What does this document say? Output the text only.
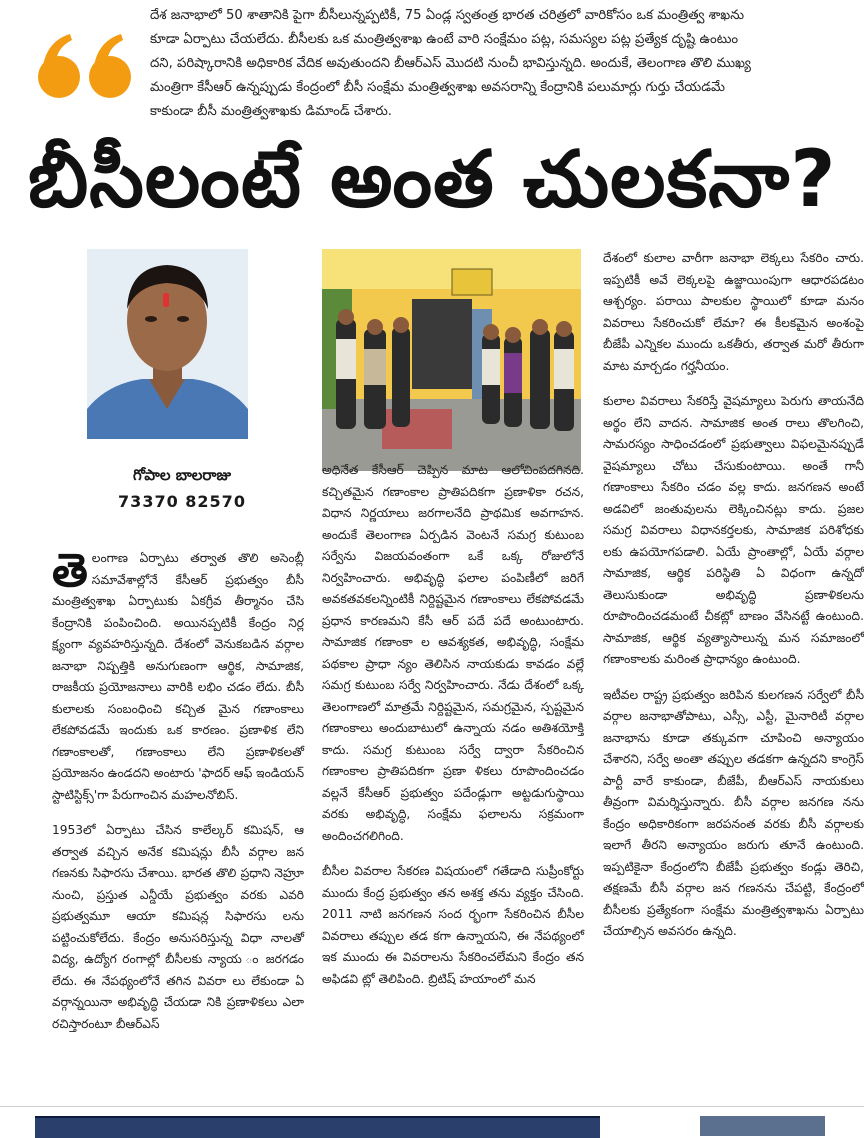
దేశ జనాభాలో 50 శాతానికి పైగా బీసీలున్నప్పటికీ, 75 ఏండ్ల స్వతంత్ర భారత చరిత్రలో వారికోసం ఒక మంత్రిత్వ శాఖను

కూడా ఏర్పాటు చేయలేదు. బీసీలకు ఒక మంత్రిత్వశాఖ ఉంటే వారి సంక్షేమం పట్ల, సమస్యల పట్ల ప్రత్యేక దృష్టి ఉంటుం

దని, పరిష్కారానికి అధికారిక వేదిక అవుతుందని బీఆర్ఎస్ మొదటి నుంచీ భావిస్తున్నది. అందుకే, తెలంగాణ తొలి ముఖ్య

మంత్రిగా కేసీఆర్ ఉన్నప్పుడు కేంద్రంలో బీసీ సంక్షేమ మంత్రిత్వశాఖ అవసరాన్ని కేంద్రానికి పలుమార్లు గుర్తు చేయడమే

కాకుండా బీసీ మంత్రిత్వశాఖకు డిమాండ్ చేశారు.

బీసీలంటే అంత చులకనా?
గోపాల బాలరాజు
73370 82570

తెలంగాణ ఏర్పాటు తర్వాత తొలి అసెంబ్లీ సమావేశాల్లోనే కేసీఆర్ ప్రభుత్వం బీసీ మంత్రిత్వశాఖ ఏర్పాటుకు ఏకగ్రీవ తీర్మానం చేసి కేంద్రానికి పంపించింది. అయినప్పటికీ కేంద్రం నిర్ల క్ష్యంగా వ్యవహరిస్తున్నది. దేశంలో వెనుకబడిన వర్గాల జనాభా నిష్పత్తికి అనుగుణంగా ఆర్థిక, సామాజిక, రాజకీయ ప్రయోజనాలు వారికి లభిం చడం లేదు. బీసీ కులాలకు సంబంధించి కచ్చిత మైన గణాంకాలు లేకపోవడమే ఇందుకు ఒక కారణం. ప్రణాళిక లేని గణాంకాలతో, గణాంకాలు లేని ప్రణాళికలతో ప్రయోజనం ఉండదని అంటారు 'ఫాదర్ ఆఫ్ ఇండియన్ స్టాటిస్టిక్స్'గా పేరుగాంచిన మహలనోబిస్.

1953లో ఏర్పాటు చేసిన కాలేల్కర్ కమిషన్, ఆ తర్వాత వచ్చిన అనేక కమిషన్లు బీసీ వర్గాల జన గణనకు సిఫారసు చేశాయి. భారత తొలి ప్రధాని నెహ్రూ నుంచి, ప్రస్తుత ఎన్డీయే ప్రభుత్వం వరకు ఎవరి ప్రభుత్వమూ ఆయా కమిషన్ల సిఫారసు లను పట్టించుకోలేదు. కేంద్రం అనుసరిస్తున్న విధా నాలతో విద్య, ఉద్యోగ రంగాల్లో బీసీలకు న్యాయ ం జరగడం లేదు. ఈ నేపథ్యంలోనే తగిన వివరా లు లేకుండా ఏ వర్గాన్నయినా అభివృద్ధి చేయడా నికి ప్రణాళికలు ఎలా రచిస్తారంటూ బీఆర్ఎస్

అధినేత కేసీఆర్ చెప్పిన మాట ఆలోచింపదగినది. కచ్చితమైన గణాంకాల ప్రాతిపదికగా ప్రణాళికా రచన, విధాన నిర్ణయాలు జరగాలనేది ప్రాథమిక అవగాహన. అందుకే తెలంగాణ ఏర్పడిన వెంటనే సమగ్ర కుటుంబ సర్వేను విజయవంతంగా ఒకే ఒక్క రోజులోనే నిర్వహించారు. అభివృద్ధి ఫలాల పంపిణీలో జరిగే అవకతవకలన్నింటికీ నిర్దిష్టమైన గణాంకాలు లేకపోవడమే ప్రధాన కారణమని కేసీ ఆర్ పదే పదే అంటుంటారు. సామాజిక గణాంకా ల ఆవశ్యకత, అభివృద్ధి, సంక్షేమ పథకాల ప్రాధా న్యం తెలిసిన నాయకుడు కావడం వల్లే సమగ్ర కుటుంబ సర్వే నిర్వహించారు. నేడు దేశంలో ఒక్క తెలంగాణలో మాత్రమే నిర్దిష్టమైన, సమగ్రమైన, స్పష్టమైన గణాంకాలు అందుబాటులో ఉన్నాయ నడం అతిశయోక్తి కాదు. సమగ్ర కుటుంబ సర్వే ద్వారా సేకరించిన గణాంకాల ప్రాతిపదికగా ప్రణా ళికలు రూపొందించడం వల్లనే కేసీఆర్ ప్రభుత్వం పదేండ్లుగా అట్టడుగుస్థాయి వరకు అభివృద్ధి, సంక్షేమ ఫలాలను సక్రమంగా అందించగలిగింది.

బీసీల వివరాల సేకరణ విషయంలో గతేడాది సుప్రీంకోర్టు ముందు కేంద్ర ప్రభుత్వం తన అశక్త తను వ్యక్తం చేసింది. 2011 నాటి జనగణన సంద ర్భంగా సేకరించిన బీసీల వివరాలు తప్పుల తడ కగా ఉన్నాయని, ఈ నేపథ్యంలో ఇక ముందు ఈ వివరాలను సేకరించలేమని కేంద్రం తన అఫిడవి ట్లో తెలిపింది. బ్రిటిష్ హయాంలో మన

దేశంలో కులాల వారీగా జనాభా లెక్కలు సేకరిం చారు. ఇప్పటికీ అవే లెక్కలపై ఉజ్జాయింపుగా ఆధారపడటం ఆశ్చర్యం. పరాయి పాలకుల స్థాయిలో కూడా మనం వివరాలు సేకరించుకో లేమా? ఈ కీలకమైన అంశంపై బీజేపీ ఎన్నికల ముందు ఒకతీరు, తర్వాత మరో తీరుగా మాట మార్చడం గర్హనీయం.

కులాల వివరాలు సేకరిస్తే వైషమ్యాలు పెరుగు తాయనేది అర్థం లేని వాదన. సామాజిక అంత రాలు తొలగించి, సామరస్యం సాధించడంలో ప్రభుత్వాలు విఫలమైనప్పుడే వైషమ్యాలు చోటు చేసుకుంటాయి. అంతే గానీ గణాంకాలు సేకరిం చడం వల్ల కాదు. జనగణన అంటే అడవిలో జంతువులను లెక్కించినట్లు కాదు. ప్రజల సమగ్ర వివరాలు విధానకర్తలకు, సామాజిక పరిశోధకు లకు ఉపయోగపడాలి. ఏయే ప్రాంతాల్లో, ఏయే వర్గాల సామాజిక, ఆర్థిక పరిస్థితి ఏ విధంగా ఉన్నదో తెలుసుకుండా అభివృద్ధి ప్రణాళికలను రూపొందించడమంటే చీకట్లో బాణం వేసినట్టే ఉంటుంది. సామాజిక, ఆర్థిక వ్యత్యాసాలున్న మన సమాజంలో గణాంకాలకు మరింత ప్రాధాన్యం ఉంటుంది.

ఇటీవల రాష్ట్ర ప్రభుత్వం జరిపిన కులగణన సర్వేలో బీసీ వర్గాల జనాభాతోపాటు, ఎస్సీ, ఎస్టీ, మైనారిటీ వర్గాల జనాభాను కూడా తక్కువగా చూపించి అన్యాయం చేశారని, సర్వే అంతా తప్పుల తడకగా ఉన్నదని కాంగ్రెస్ పార్టీ వారే కాకుండా, బీజేపీ, బీఆర్ఎస్ నాయకులు తీవ్రంగా విమర్శిస్తున్నారు. బీసీ వర్గాల జనగణ నను కేంద్రం అధికారికంగా జరపనంత వరకు బీసీ వర్గాలకు ఇలాగే తీరని అన్యాయం జరుగు తూనే ఉంటుంది. ఇప్పటికైనా కేంద్రంలోని బీజేపీ ప్రభుత్వం కండ్లు తెరిచి, తక్షణమే బీసీ వర్గాల జన గణనను చేపట్టి, కేంద్రంలో బీసీలకు ప్రత్యేకంగా సంక్షేమ మంత్రిత్వశాఖను ఏర్పాటు చేయాల్సిన అవసరం ఉన్నది.
